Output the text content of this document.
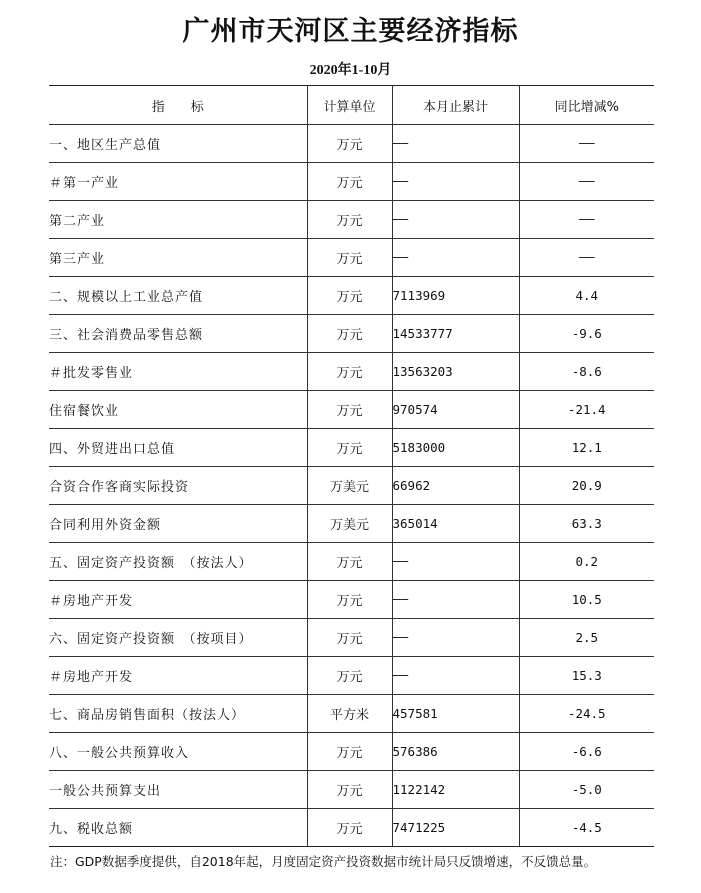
广州市天河区主要经济指标
2020年1-10月
指　　标	计算单位	本月止累计	同比增减%
一、地区生产总值	万元	——	——
＃第一产业	万元	——	——
第二产业	万元	——	——
第三产业	万元	——	——
二、规模以上工业总产值	万元	7113969	4.4
三、社会消费品零售总额	万元	14533777	-9.6
＃批发零售业	万元	13563203	-8.6
住宿餐饮业	万元	970574	-21.4
四、外贸进出口总值	万元	5183000	12.1
合资合作客商实际投资	万美元	66962	20.9
合同利用外资金额	万美元	365014	63.3
五、固定资产投资额　（按法人）	万元	——	0.2
＃房地产开发	万元	——	10.5
六、固定资产投资额　（按项目）	万元	——	2.5
＃房地产开发	万元	——	15.3
七、商品房销售面积（按法人）	平方米	457581	-24.5
八、一般公共预算收入	万元	576386	-6.6
一般公共预算支出	万元	1122142	-5.0
九、税收总额	万元	7471225	-4.5
注：GDP数据季度提供，自2018年起，月度固定资产投资数据市统计局只反馈增速，不反馈总量。
